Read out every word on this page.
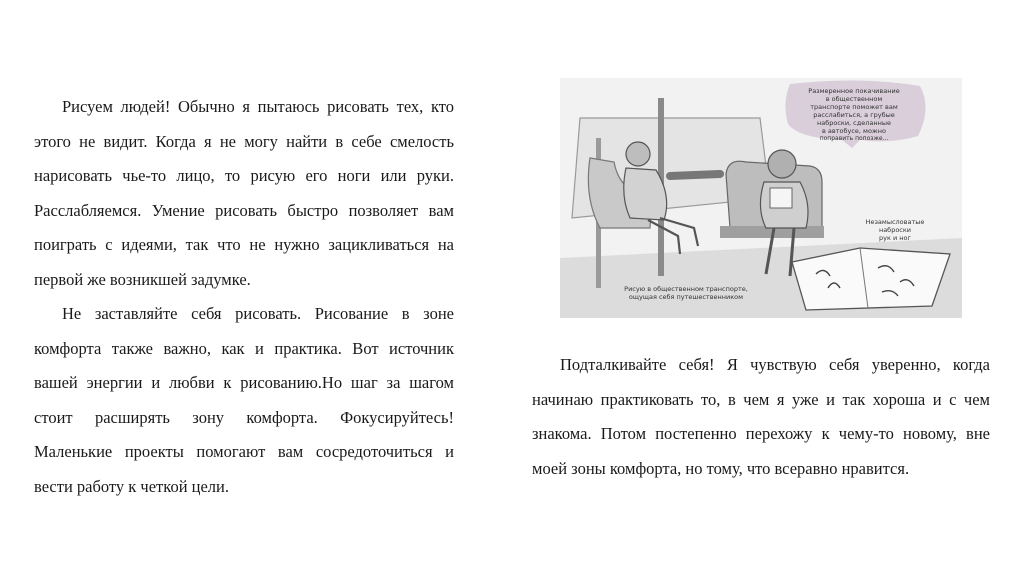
Рисуем людей! Обычно я пытаюсь рисовать тех, кто этого не видит. Когда я не могу найти в себе смелость нарисовать чье-то лицо, то рисую его ноги или руки. Расслабляемся. Умение рисовать быстро позволяет вам поиграть с идеями, так что не нужно зацикливаться на первой же возникшей задумке.

Не заставляйте себя рисовать. Рисование в зоне комфорта также важно, как и практика. Вот источник вашей энергии и любви к рисованию.Но шаг за шагом стоит расширять зону комфорта. Фокусируйтесь! Маленькие проекты помогают вам сосредоточиться и вести работу к четкой цели.

Размеренное покачивание
в общественном
транспорте поможет вам
расслабиться, а грубые
наброски, сделанные
в автобусе, можно
поправить попозже...
Незамысловатые
наброски
рук и ног
Рисую в общественном транспорте,
ощущая себя путешественником

Подталкивайте себя! Я чувствую себя уверенно, когда начинаю практиковать то, в чем я уже и так хороша и с чем знакома. Потом постепенно перехожу к чему-то новому, вне моей зоны комфорта, но тому, что всеравно нравится.
